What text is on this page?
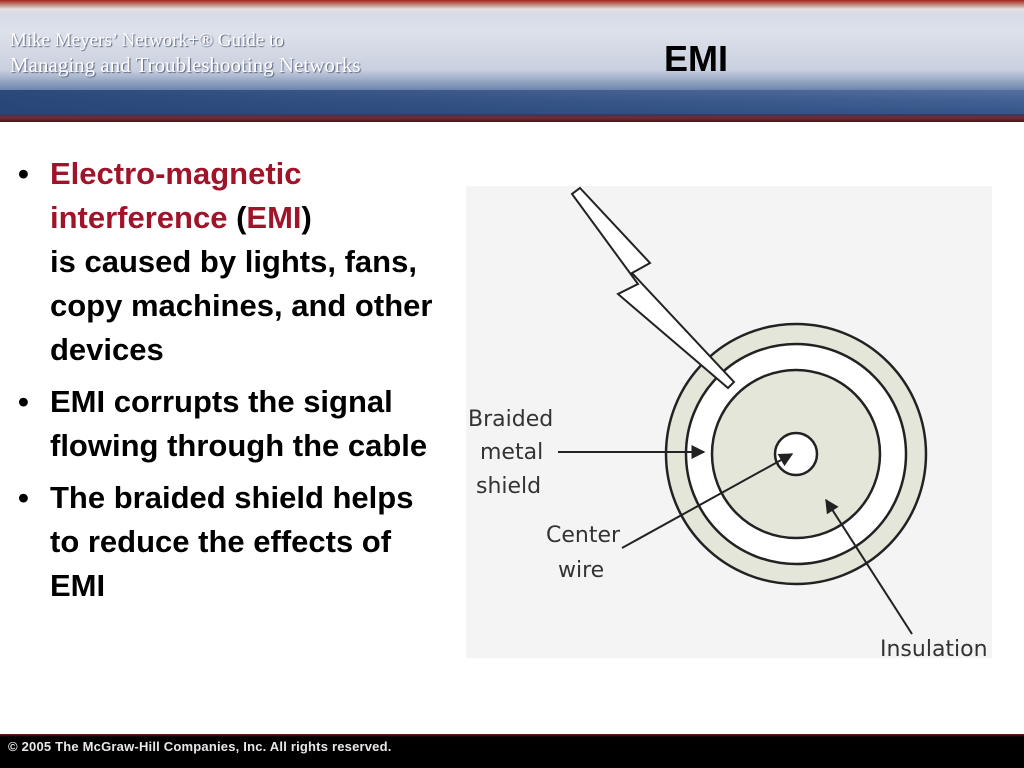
Mike Meyers’ Network+® Guide to
Managing and Troubleshooting Networks	EMI
• Electro-magnetic interference (EMI)
is caused by lights, fans, copy machines, and other devices
• EMI corrupts the signal flowing through the cable
• The braided shield helps to reduce the effects of EMI
Braided
metal
shield
Center
wire
Insulation
© 2005 The McGraw-Hill Companies, Inc. All rights reserved.
